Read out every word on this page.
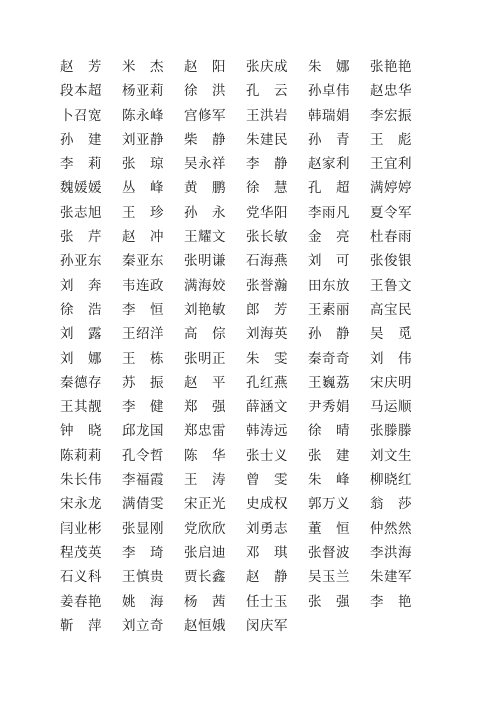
赵　芳	米　杰	赵　阳	张庆成	朱　娜	张艳艳
段本超	杨亚莉	徐　洪	孔　云	孙卓伟	赵忠华
卜召宽	陈永峰	宫修军	王洪岩	韩瑞娟	李宏振
孙　建	刘亚静	柴　静	朱建民	孙　青	王　彪
李　莉	张　琼	吴永祥	李　静	赵家利	王宜利
魏媛媛	丛　峰	黄　鹏	徐　慧	孔　超	满婷婷
张志旭	王　珍	孙　永	党华阳	李雨凡	夏令军
张　芹	赵　冲	王耀文	张长敏	金　亮	杜春雨
孙亚东	秦亚东	张明谦	石海燕	刘　可	张俊银
刘　奔	韦连政	满海姣	张誉瀚	田东放	王鲁文
徐　浩	李　恒	刘艳敏	郎　芳	王素丽	高宝民
刘　露	王绍洋	高　倧	刘海英	孙　静	吴　觅
刘　娜	王　栋	张明正	朱　雯	秦奇奇	刘　伟
秦德存	苏　振	赵　平	孔红燕	王巍荔	宋庆明
王其靓	李　健	郑　强	薛涵文	尹秀娟	马运顺
钟　晓	邱龙国	郑忠雷	韩涛远	徐　晴	张滕滕
陈莉莉	孔令哲	陈　华	张士义	张　建	刘文生
朱长伟	李福霞	王　涛	曾　雯	朱　峰	柳晓红
宋永龙	满倩雯	宋正光	史成权	郭万义	翁　莎
闫业彬	张显刚	党欣欣	刘勇志	董　恒	仲然然
程茂英	李　琦	张启迪	邓　琪	张督波	李洪海
石义科	王慎贵	贾长鑫	赵　静	吴玉兰	朱建军
姜春艳	姚　海	杨　茜	任士玉	张　强	李　艳
靳　萍	刘立奇	赵恒娥	闵庆军
